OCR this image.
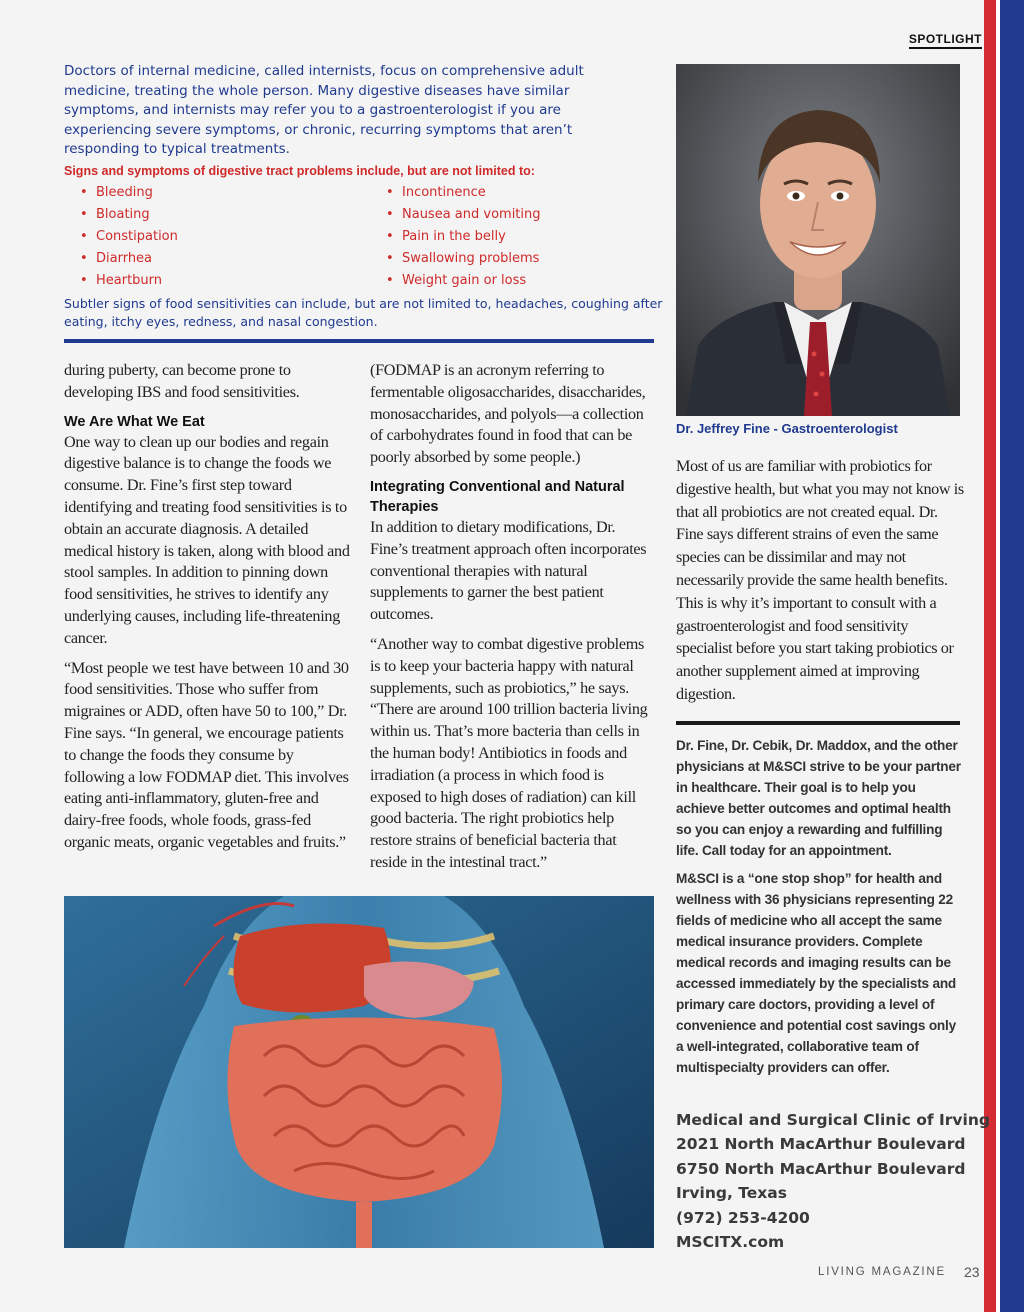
SPOTLIGHT

Doctors of internal medicine, called internists, focus on comprehensive adult medicine, treating the whole person. Many digestive diseases have similar symptoms, and internists may refer you to a gastroenterologist if you are experiencing severe symptoms, or chronic, recurring symptoms that aren’t responding to typical treatments.

Signs and symptoms of digestive tract problems include, but are not limited to:

• Bleeding	• Incontinence
• Bloating	• Nausea and vomiting
• Constipation	• Pain in the belly
• Diarrhea	• Swallowing problems
• Heartburn	• Weight gain or loss

Subtler signs of food sensitivities can include, but are not limited to, headaches, coughing after eating, itchy eyes, redness, and nasal congestion.

during puberty, can become prone to developing IBS and food sensitivities.

We Are What We Eat

One way to clean up our bodies and regain digestive balance is to change the foods we consume. Dr. Fine’s first step toward identifying and treating food sensitivities is to obtain an accurate diagnosis. A detailed medical history is taken, along with blood and stool samples. In addition to pinning down food sensitivities, he strives to identify any underlying causes, including life-threatening cancer.

“Most people we test have between 10 and 30 food sensitivities. Those who suffer from migraines or ADD, often have 50 to 100,” Dr. Fine says. “In general, we encourage patients to change the foods they consume by following a low FODMAP diet. This involves eating anti-inflammatory, gluten-free and dairy-free foods, whole foods, grass-fed organic meats, organic vegetables and fruits.”

(FODMAP is an acronym referring to fermentable oligosaccharides, disaccharides, monosaccharides, and polyols—a collection of carbohydrates found in food that can be poorly absorbed by some people.)

Integrating Conventional and Natural Therapies

In addition to dietary modifications, Dr. Fine’s treatment approach often incorporates conventional therapies with natural supplements to garner the best patient outcomes.

“Another way to combat digestive problems is to keep your bacteria happy with natural supplements, such as probiotics,” he says. “There are around 100 trillion bacteria living within us. That’s more bacteria than cells in the human body! Antibiotics in foods and irradiation (a process in which food is exposed to high doses of radiation) can kill good bacteria. The right probiotics help restore strains of beneficial bacteria that reside in the intestinal tract.”

Dr. Jeffrey Fine - Gastroenterologist

Most of us are familiar with probiotics for digestive health, but what you may not know is that all probiotics are not created equal. Dr. Fine says different strains of even the same species can be dissimilar and may not necessarily provide the same health benefits. This is why it’s important to consult with a gastroenterologist and food sensitivity specialist before you start taking probiotics or another supplement aimed at improving digestion.

Dr. Fine, Dr. Cebik, Dr. Maddox, and the other physicians at M&SCI strive to be your partner in healthcare. Their goal is to help you achieve better outcomes and optimal health so you can enjoy a rewarding and fulfilling life. Call today for an appointment.

M&SCI is a “one stop shop” for health and wellness with 36 physicians representing 22 fields of medicine who all accept the same medical insurance providers. Complete medical records and imaging results can be accessed immediately by the specialists and primary care doctors, providing a level of convenience and potential cost savings only a well-integrated, collaborative team of multispecialty providers can offer.

Medical and Surgical Clinic of Irving
2021 North MacArthur Boulevard
6750 North MacArthur Boulevard
Irving, Texas
(972) 253-4200
MSCITX.com
LIVING MAGAZINE 23
